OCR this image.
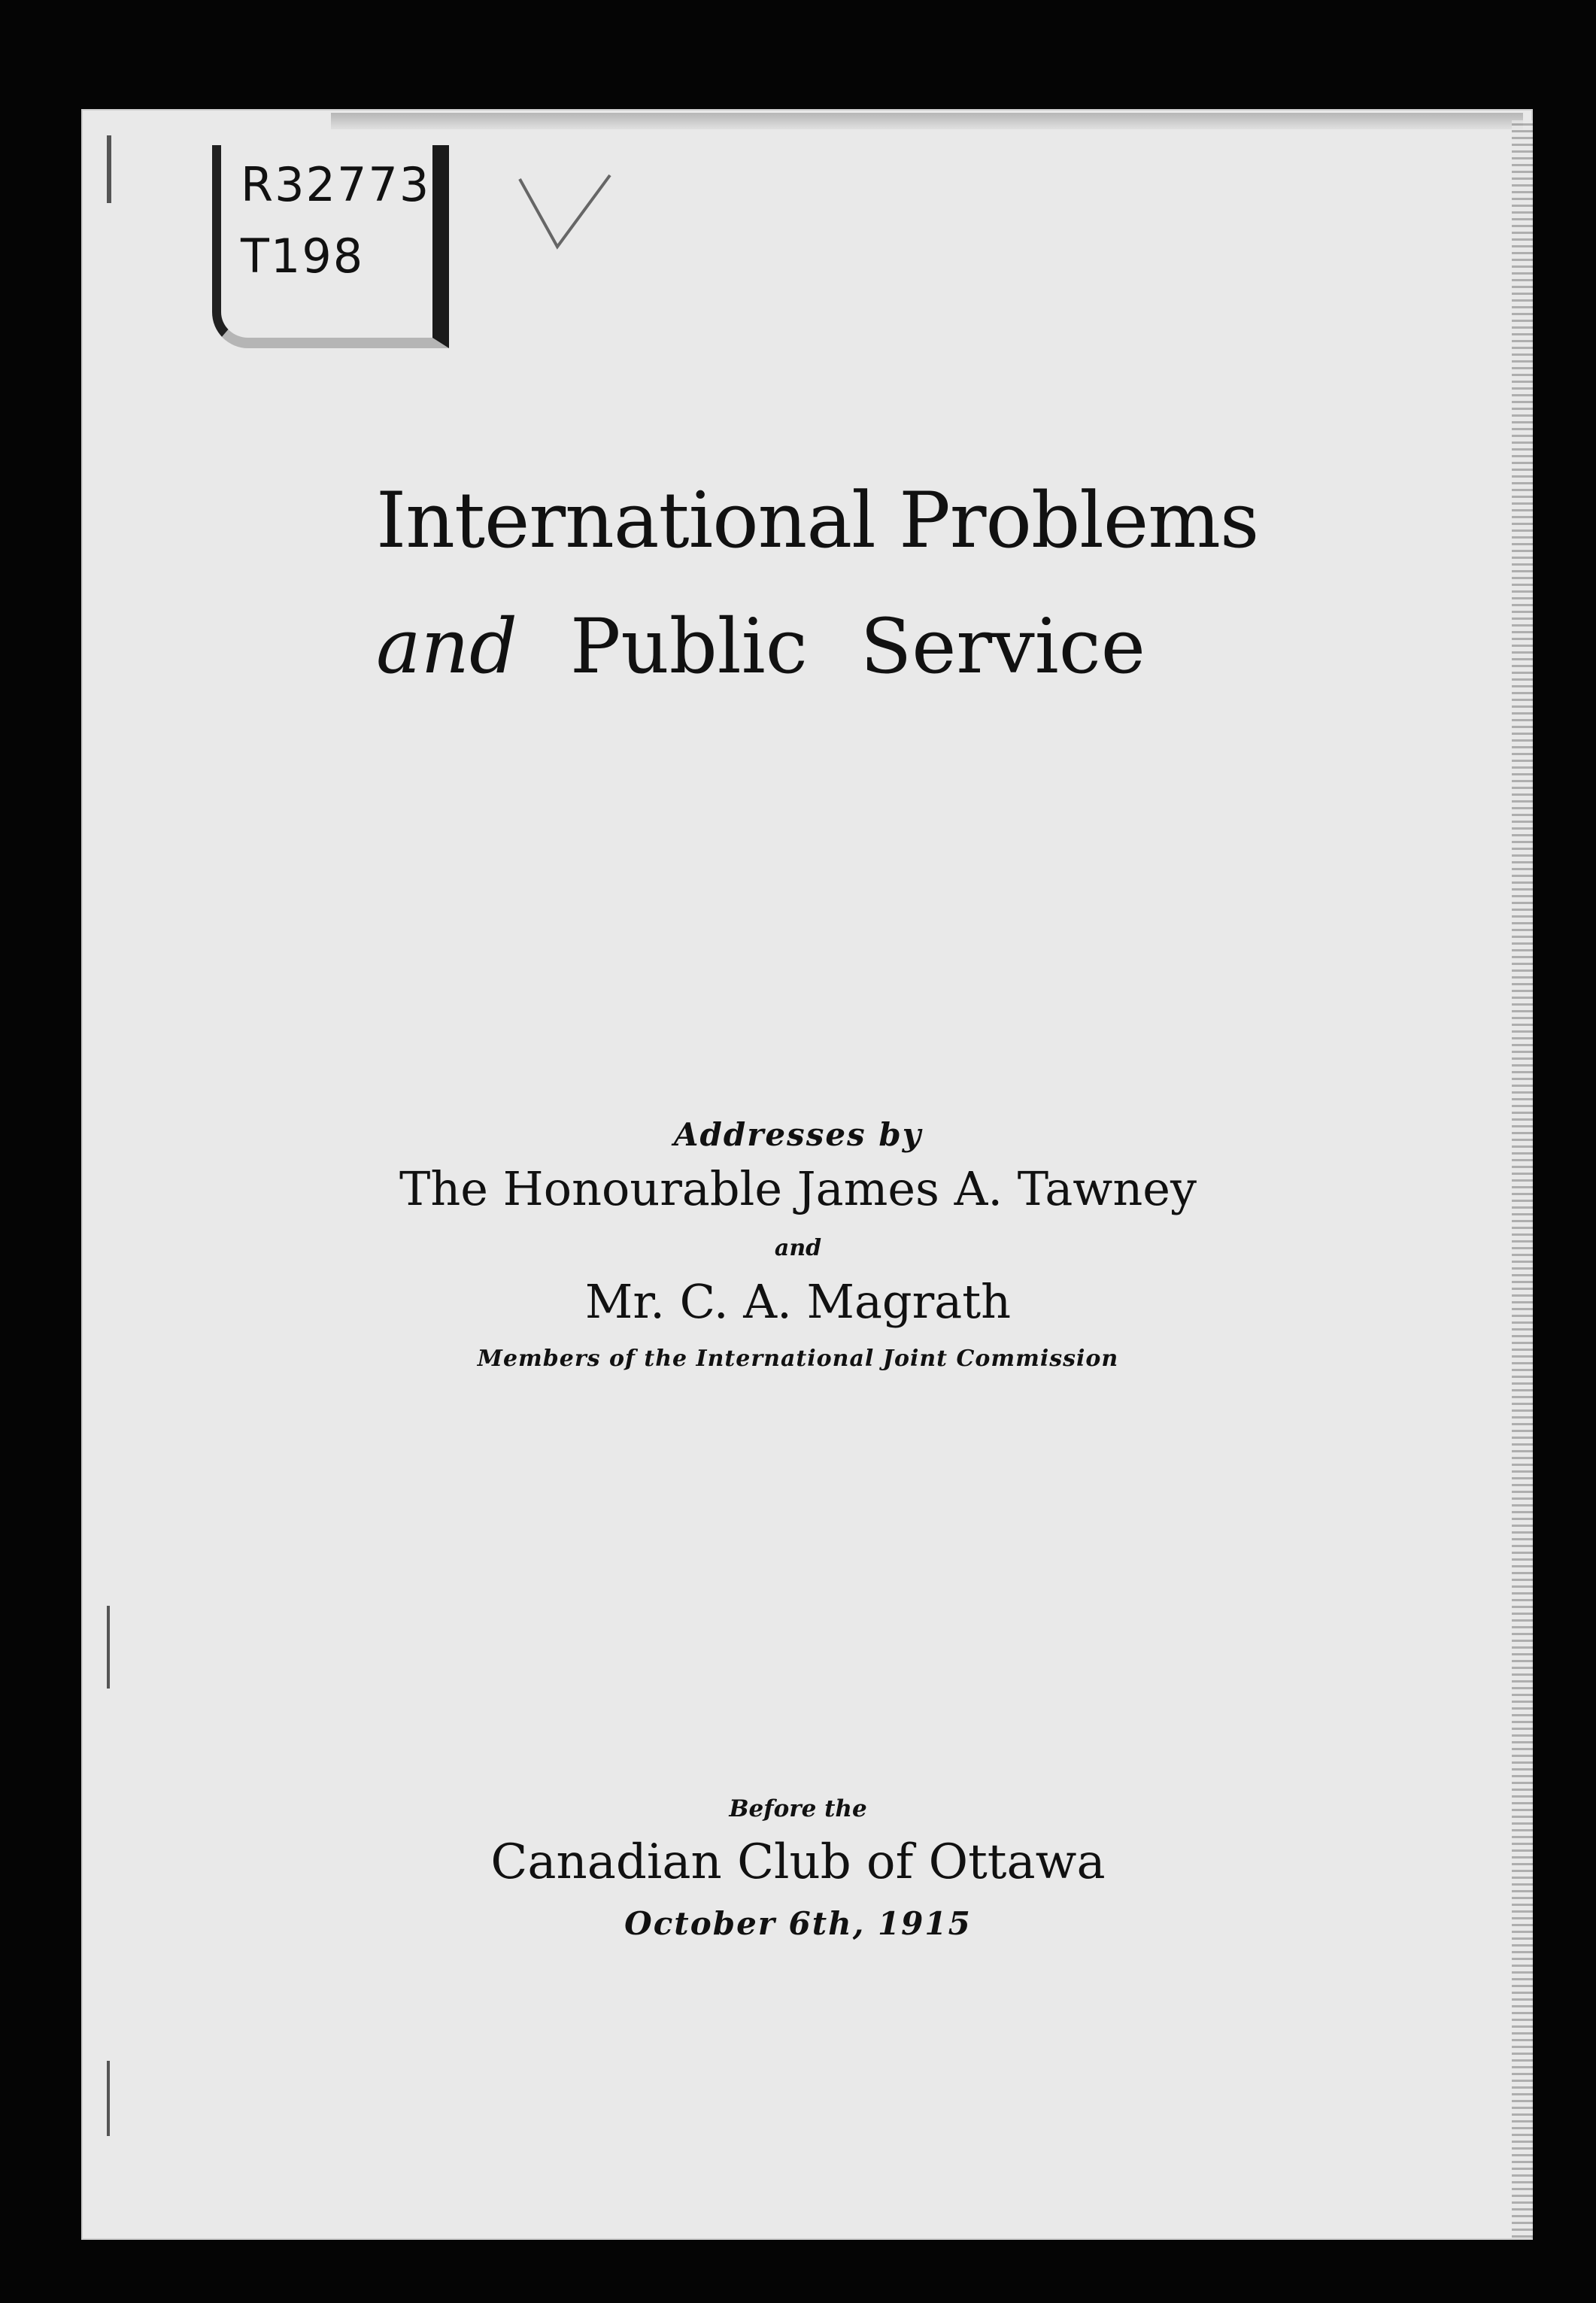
R32773
T198
International Problems
and Public Service
Addresses by
The Honourable James A. Tawney
and
Mr. C. A. Magrath
Members of the International Joint Commission
Before the
Canadian Club of Ottawa
October 6th, 1915
